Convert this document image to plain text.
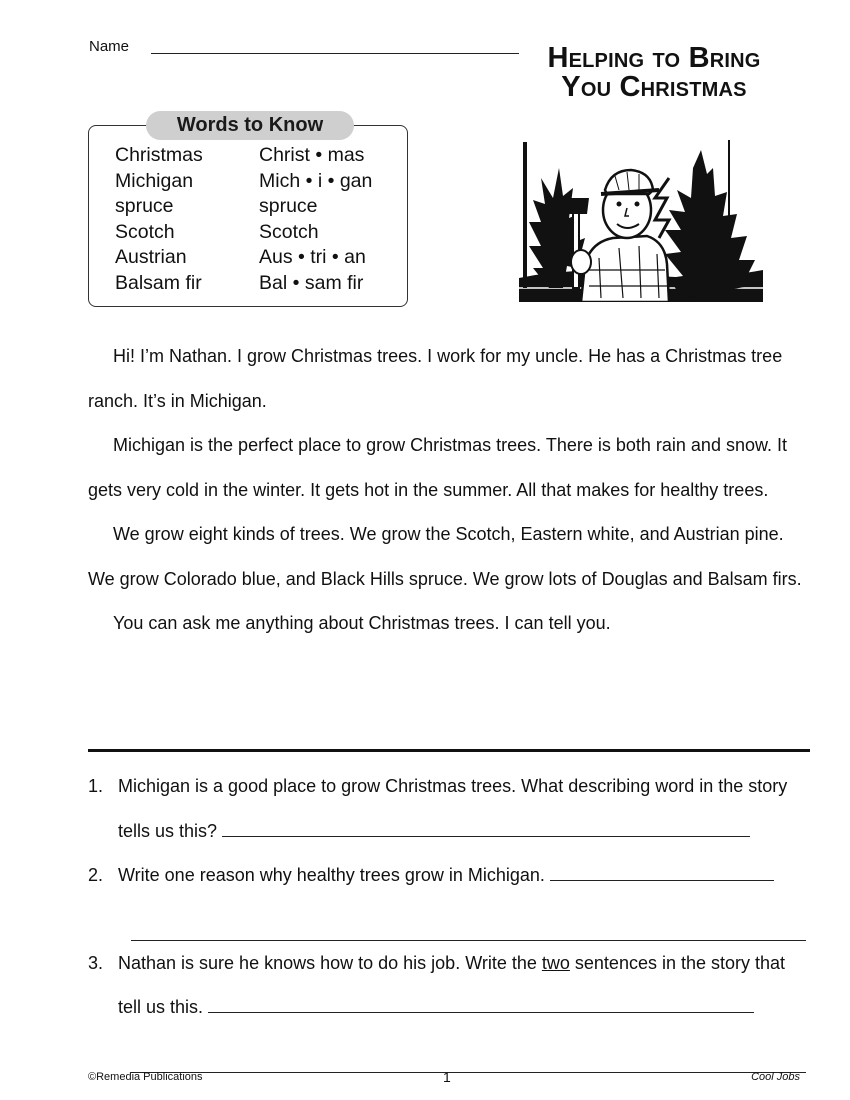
Name	Helping to Bring
You Christmas
Words to Know
Christmas	Christ • mas
Michigan	Mich • i • gan
spruce	spruce
Scotch	Scotch
Austrian	Aus • tri • an
Balsam fir	Bal • sam fir

Hi! I’m Nathan. I grow Christmas trees. I work for my uncle. He has a Christmas tree ranch. It’s in Michigan.

Michigan is the perfect place to grow Christmas trees. There is both rain and snow. It gets very cold in the winter. It gets hot in the summer. All that makes for healthy trees.

We grow eight kinds of trees. We grow the Scotch, Eastern white, and Austrian pine. We grow Colorado blue, and Black Hills spruce. We grow lots of Douglas and Balsam firs.

You can ask me anything about Christmas trees. I can tell you.

1. Michigan is a good place to grow Christmas trees. What describing word in the story tells us this?
2. Write one reason why healthy trees grow in Michigan.
3. Nathan is sure he knows how to do his job. Write the two sentences in the story that tell us this.
©Remedia Publications	1	Cool Jobs
